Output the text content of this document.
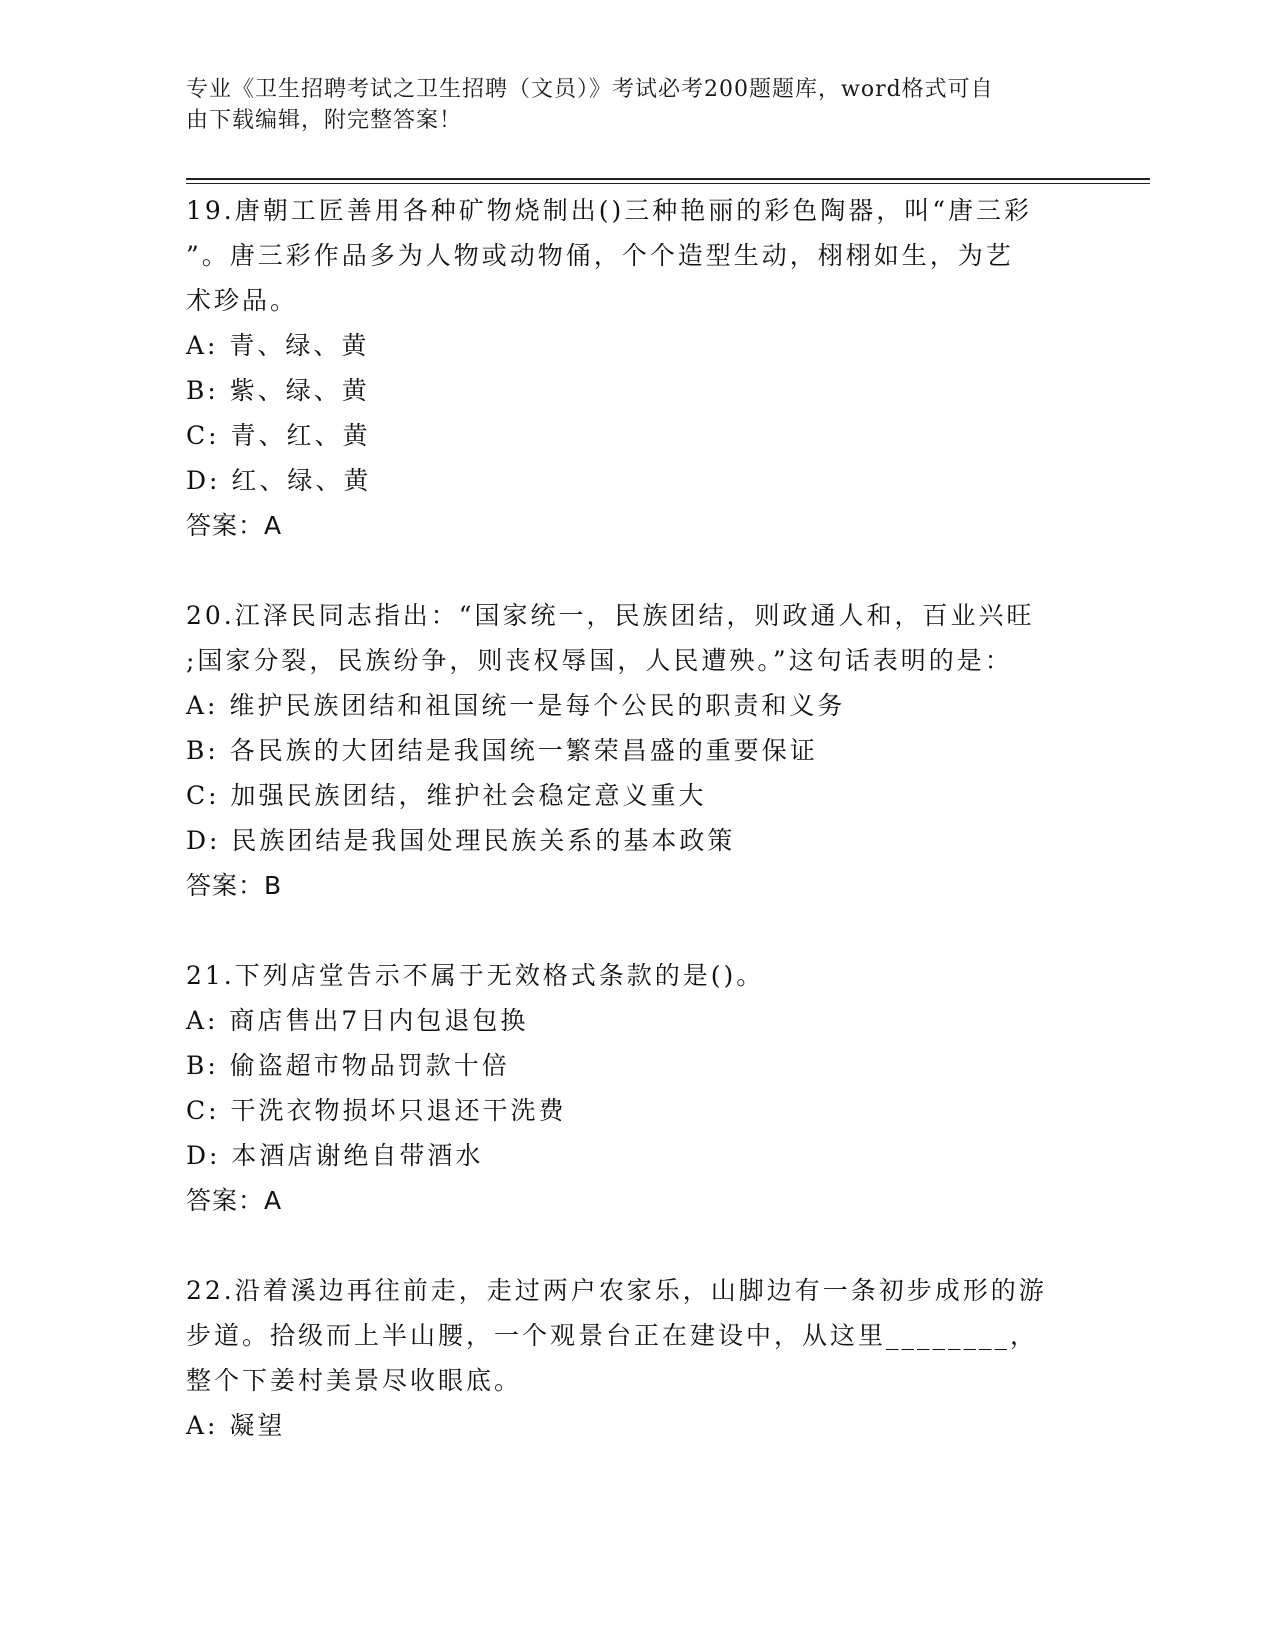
专业《卫生招聘考试之卫生招聘（文员）》考试必考200题题库，word格式可自
由下载编辑，附完整答案！
19.唐朝工匠善用各种矿物烧制出()三种艳丽的彩色陶器，叫“唐三彩
”。唐三彩作品多为人物或动物俑，个个造型生动，栩栩如生，为艺
术珍品。
A: 青、绿、黄
B: 紫、绿、黄
C: 青、红、黄
D: 红、绿、黄
答案：A
20.江泽民同志指出：“国家统一，民族团结，则政通人和，百业兴旺
;国家分裂，民族纷争，则丧权辱国，人民遭殃。”这句话表明的是：
A: 维护民族团结和祖国统一是每个公民的职责和义务
B: 各民族的大团结是我国统一繁荣昌盛的重要保证
C: 加强民族团结，维护社会稳定意义重大
D: 民族团结是我国处理民族关系的基本政策
答案：B
21.下列店堂告示不属于无效格式条款的是()。
A: 商店售出7日内包退包换
B: 偷盗超市物品罚款十倍
C: 干洗衣物损坏只退还干洗费
D: 本酒店谢绝自带酒水
答案：A
22.沿着溪边再往前走，走过两户农家乐，山脚边有一条初步成形的游
步道。拾级而上半山腰，一个观景台正在建设中，从这里________，
整个下姜村美景尽收眼底。
A: 凝望
